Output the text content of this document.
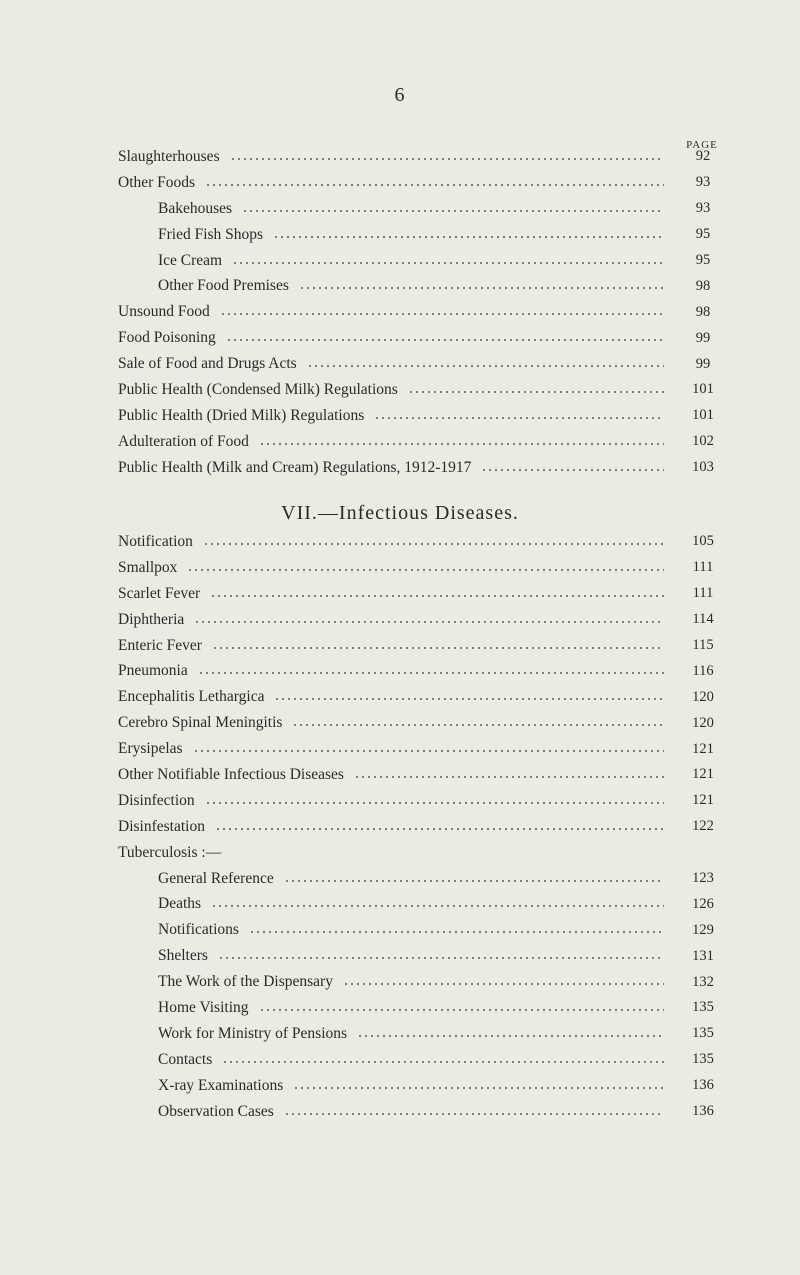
6
PAGE
Slaughterhouses	92
Other Foods	93
Bakehouses	93
Fried Fish Shops	95
Ice Cream	95
Other Food Premises	98
Unsound Food	98
Food Poisoning	99
Sale of Food and Drugs Acts	99
Public Health (Condensed Milk) Regulations	101
Public Health (Dried Milk) Regulations	101
Adulteration of Food	102
Public Health (Milk and Cream) Regulations, 1912-1917	103
VII.—Infectious Diseases.
Notification	105
Smallpox	111
Scarlet Fever	111
Diphtheria	114
Enteric Fever	115
Pneumonia	116
Encephalitis Lethargica	120
Cerebro Spinal Meningitis	120
Erysipelas	121
Other Notifiable Infectious Diseases	121
Disinfection	121
Disinfestation	122
Tuberculosis :—
General Reference	123
Deaths	126
Notifications	129
Shelters	131
The Work of the Dispensary	132
Home Visiting	135
Work for Ministry of Pensions	135
Contacts	135
X-ray Examinations	136
Observation Cases	136
